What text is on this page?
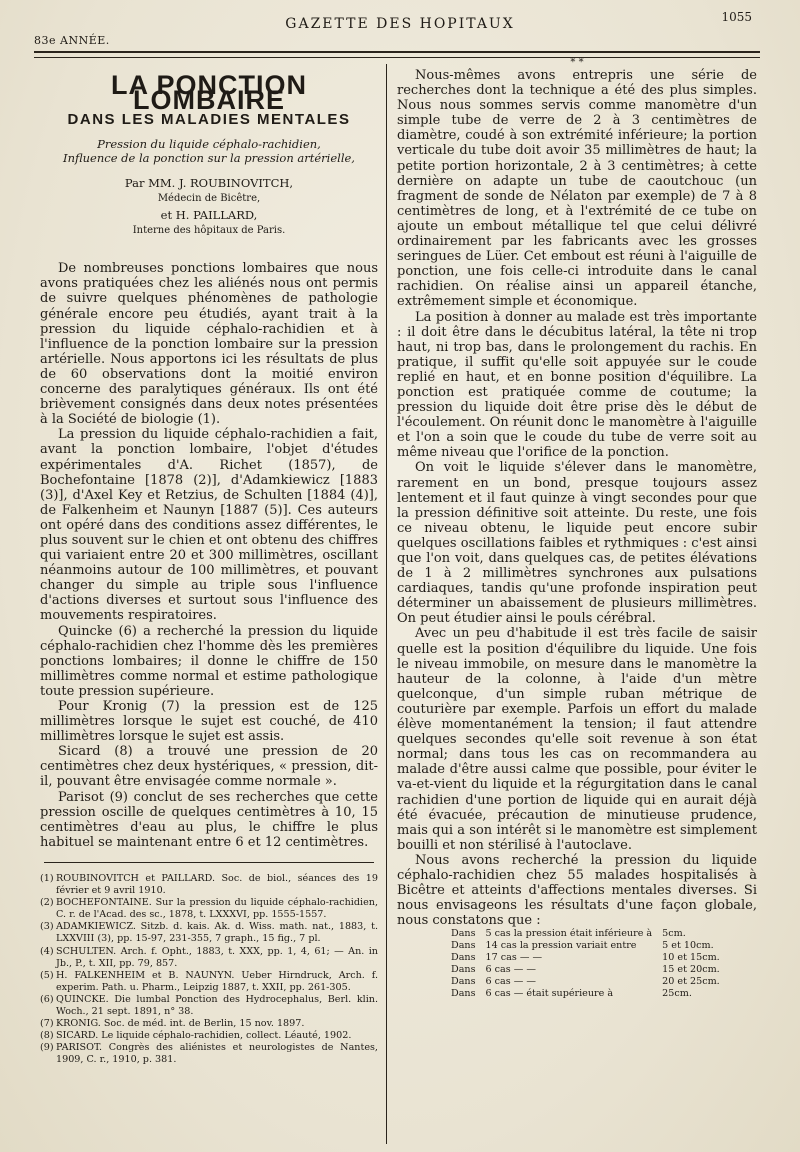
83e ANNÉE.
GAZETTE DES HOPITAUX	1055
LA PONCTION LOMBAIRE
DANS LES MALADIES MENTALES
Pression du liquide céphalo-rachidien,
Influence de la ponction sur la pression artérielle,
Par MM. J. ROUBINOVITCH,
Médecin de Bicêtre,
et H. PAILLARD,
Interne des hôpitaux de Paris.

De nombreuses ponctions lombaires que nous avons pratiquées chez les aliénés nous ont permis de suivre quelques phénomènes de pathologie générale encore peu étudiés, ayant trait à la pression du liquide céphalo-rachidien et à l'influence de la ponction lombaire sur la pression artérielle. Nous apportons ici les résultats de plus de 60 observations dont la moitié environ concerne des paralytiques généraux. Ils ont été brièvement consignés dans deux notes présentées à la Société de biologie (1).

La pression du liquide céphalo-rachidien a fait, avant la ponction lombaire, l'objet d'études expérimentales d'A. Richet (1857), de Bochefontaine [1878 (2)], d'Adamkiewicz [1883 (3)], d'Axel Key et Retzius, de Schulten [1884 (4)], de Falkenheim et Naunyn [1887 (5)]. Ces auteurs ont opéré dans des conditions assez différentes, le plus souvent sur le chien et ont obtenu des chiffres qui variaient entre 20 et 300 millimètres, oscillant néanmoins autour de 100 millimètres, et pouvant changer du simple au triple sous l'influence d'actions diverses et surtout sous l'influence des mouvements respiratoires.

Quincke (6) a recherché la pression du liquide céphalo-rachidien chez l'homme dès les premières ponctions lombaires; il donne le chiffre de 150 millimètres comme normal et estime pathologique toute pression supérieure.

Pour Kronig (7) la pression est de 125 millimètres lorsque le sujet est couché, de 410 millimètres lorsque le sujet est assis.

Sicard (8) a trouvé une pression de 20 centimètres chez deux hystériques, « pression, dit-il, pouvant être envisagée comme normale ».

Parisot (9) conclut de ses recherches que cette pression oscille de quelques centimètres à 10, 15 centimètres d'eau au plus, le chiffre le plus habituel se maintenant entre 6 et 12 centimètres.

(1) ROUBINOVITCH et PAILLARD. Soc. de biol., séances des 19 février et 9 avril 1910.
(2) BOCHEFONTAINE. Sur la pression du liquide céphalo-rachidien, C. r. de l'Acad. des sc., 1878, t. LXXXVI, pp. 1555-1557.
(3) ADAMKIEWICZ. Sitzb. d. kais. Ak. d. Wiss. math. nat., 1883, t. LXXVIII (3), pp. 15-97, 231-355, 7 graph., 15 fig., 7 pl.
(4) SCHULTEN. Arch. f. Opht., 1883, t. XXX, pp. 1, 4, 61; — An. in Jb., P., t. XII, pp. 79, 857.
(5) H. FALKENHEIM et B. NAUNYN. Ueber Hirndruck, Arch. f. experim. Path. u. Pharm., Leipzig 1887, t. XXII, pp. 261-305.
(6) QUINCKE. Die lumbal Ponction des Hydrocephalus, Berl. klin. Woch., 21 sept. 1891, n° 38.
(7) KRONIG. Soc. de méd. int. de Berlin, 15 nov. 1897.
(8) SICARD. Le liquide céphalo-rachidien, collect. Léauté, 1902.
(9) PARISOT. Congrès des aliénistes et neurologistes de Nantes, 1909, C. r., 1910, p. 381.
* *

Nous-mêmes avons entrepris une série de recherches dont la technique a été des plus simples. Nous nous sommes servis comme manomètre d'un simple tube de verre de 2 à 3 centimètres de diamètre, coudé à son extrémité inférieure; la portion verticale du tube doit avoir 35 millimètres de haut; la petite portion horizontale, 2 à 3 centimètres; à cette dernière on adapte un tube de caoutchouc (un fragment de sonde de Nélaton par exemple) de 7 à 8 centimètres de long, et à l'extrémité de ce tube on ajoute un embout métallique tel que celui délivré ordinairement par les fabricants avec les grosses seringues de Lüer. Cet embout est réuni à l'aiguille de ponction, une fois celle-ci introduite dans le canal rachidien. On réalise ainsi un appareil étanche, extrêmement simple et économique.

La position à donner au malade est très importante : il doit être dans le décubitus latéral, la tête ni trop haut, ni trop bas, dans le prolongement du rachis. En pratique, il suffit qu'elle soit appuyée sur le coude replié en haut, et en bonne position d'équilibre. La ponction est pratiquée comme de coutume; la pression du liquide doit être prise dès le début de l'écoulement. On réunit donc le manomètre à l'aiguille et l'on a soin que le coude du tube de verre soit au même niveau que l'orifice de la ponction.

On voit le liquide s'élever dans le manomètre, rarement en un bond, presque toujours assez lentement et il faut quinze à vingt secondes pour que la pression définitive soit atteinte. Du reste, une fois ce niveau obtenu, le liquide peut encore subir quelques oscillations faibles et rythmiques : c'est ainsi que l'on voit, dans quelques cas, de petites élévations de 1 à 2 millimètres synchrones aux pulsations cardiaques, tandis qu'une profonde inspiration peut déterminer un abaissement de plusieurs millimètres. On peut étudier ainsi le pouls cérébral.

Avec un peu d'habitude il est très facile de saisir quelle est la position d'équilibre du liquide. Une fois le niveau immobile, on mesure dans le manomètre la hauteur de la colonne, à l'aide d'un mètre quelconque, d'un simple ruban métrique de couturière par exemple. Parfois un effort du malade élève momentanément la tension; il faut attendre quelques secondes qu'elle soit revenue à son état normal; dans tous les cas on recommandera au malade d'être aussi calme que possible, pour éviter le va-et-vient du liquide et la régurgitation dans le canal rachidien d'une portion de liquide qui en aurait déjà été évacuée, précaution de minutieuse prudence, mais qui a son intérêt si le manomètre est simplement bouilli et non stérilisé à l'autoclave.

Nous avons recherché la pression du liquide céphalo-rachidien chez 55 malades hospitalisés à Bicêtre et atteints d'affections mentales diverses. Si nous envisageons les résultats d'une façon globale, nous constatons que :

Dans	5 cas la pression était inférieure à	5cm.
Dans	14 cas la pression variait entre	5 et 10cm.
Dans	17 cas — —	10 et 15cm.
Dans	6 cas — —	15 et 20cm.
Dans	6 cas — —	20 et 25cm.
Dans	6 cas — était supérieure à	25cm.
